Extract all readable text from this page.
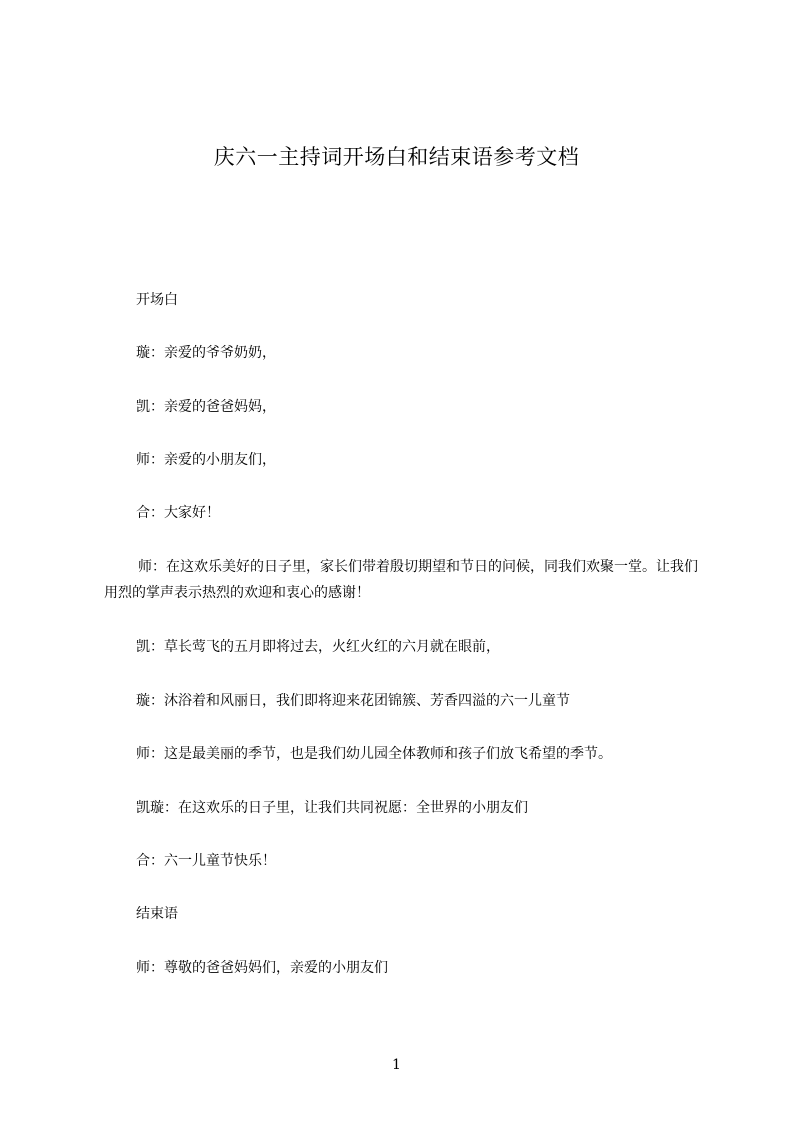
庆六一主持词开场白和结束语参考文档
开场白
璇：亲爱的爷爷奶奶，
凯：亲爱的爸爸妈妈，
师：亲爱的小朋友们，
合：大家好！
师：在这欢乐美好的日子里，家长们带着殷切期望和节日的问候，同我们欢聚一堂。让我们用烈的掌声表示热烈的欢迎和衷心的感谢！
凯：草长莺飞的五月即将过去，火红火红的六月就在眼前，
璇：沐浴着和风丽日，我们即将迎来花团锦簇、芳香四溢的六一儿童节
师：这是最美丽的季节，也是我们幼儿园全体教师和孩子们放飞希望的季节。
凯璇：在这欢乐的日子里，让我们共同祝愿：全世界的小朋友们
合：六一儿童节快乐！
结束语
师：尊敬的爸爸妈妈们，亲爱的小朋友们
1
